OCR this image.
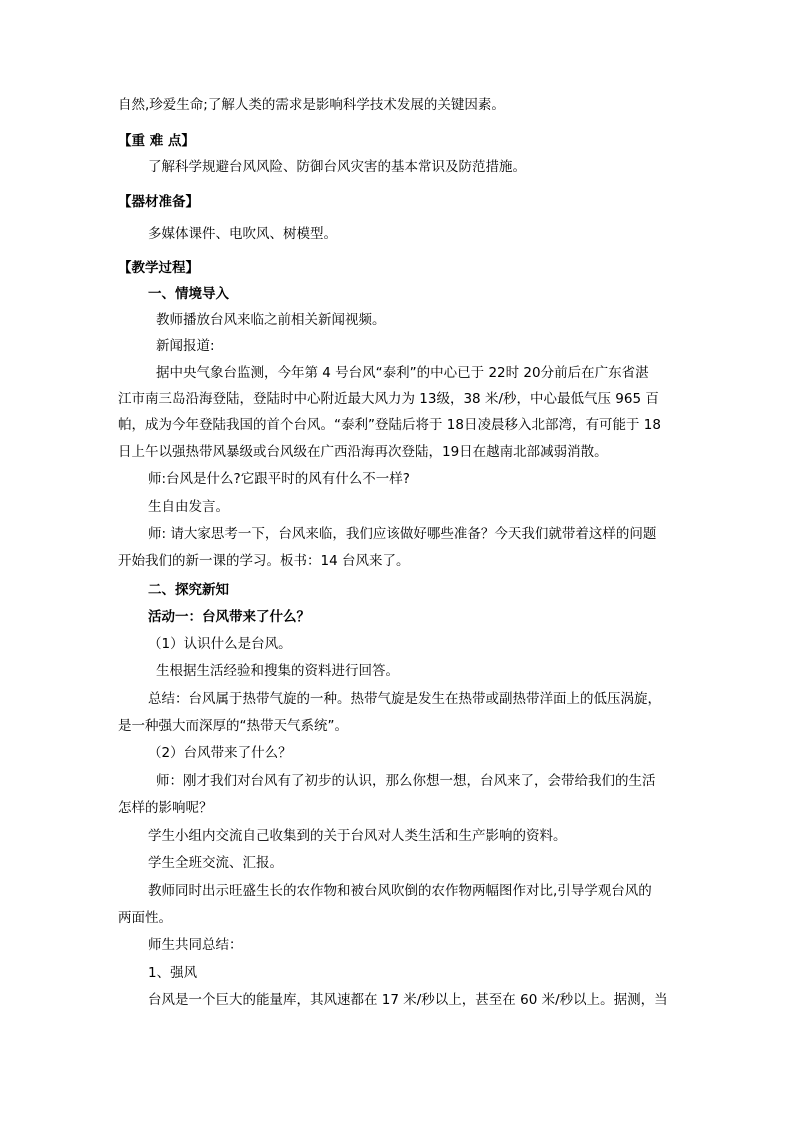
自然,珍爱生命;了解人类的需求是影响科学技术发展的关键因素。
【重 难 点】
了解科学规避台风风险、防御台风灾害的基本常识及防范措施。
【器材准备】
多媒体课件、电吹风、树模型。
【教学过程】
一、情境导入
教师播放台风来临之前相关新闻视频。
新闻报道:
据中央气象台监测，今年第 4 号台风“泰利”的中心已于 22时 20分前后在广东省湛
江市南三岛沿海登陆，登陆时中心附近最大风力为 13级，38 米/秒，中心最低气压 965 百
帕，成为今年登陆我国的首个台风。“泰利”登陆后将于 18日凌晨移入北部湾，有可能于 18
日上午以强热带风暴级或台风级在广西沿海再次登陆，19日在越南北部减弱消散。
师:台风是什么?它跟平时的风有什么不一样?
生自由发言。
师: 请大家思考一下，台风来临，我们应该做好哪些准备？今天我们就带着这样的问题
开始我们的新一课的学习。板书：14 台风来了。
二、探究新知
活动一：台风带来了什么？
（1）认识什么是台风。
生根据生活经验和搜集的资料进行回答。
总结：台风属于热带气旋的一种。热带气旋是发生在热带或副热带洋面上的低压涡旋，
是一种强大而深厚的“热带天气系统”。
（2）台风带来了什么？
师：刚才我们对台风有了初步的认识，那么你想一想，台风来了，会带给我们的生活
怎样的影响呢？
学生小组内交流自己收集到的关于台风对人类生活和生产影响的资料。
学生全班交流、汇报。
教师同时出示旺盛生长的农作物和被台风吹倒的农作物两幅图作对比,引导学观台风的
两面性。
师生共同总结：
1、强风
台风是一个巨大的能量库，其风速都在 17 米/秒以上，甚至在 60 米/秒以上。据测，当
